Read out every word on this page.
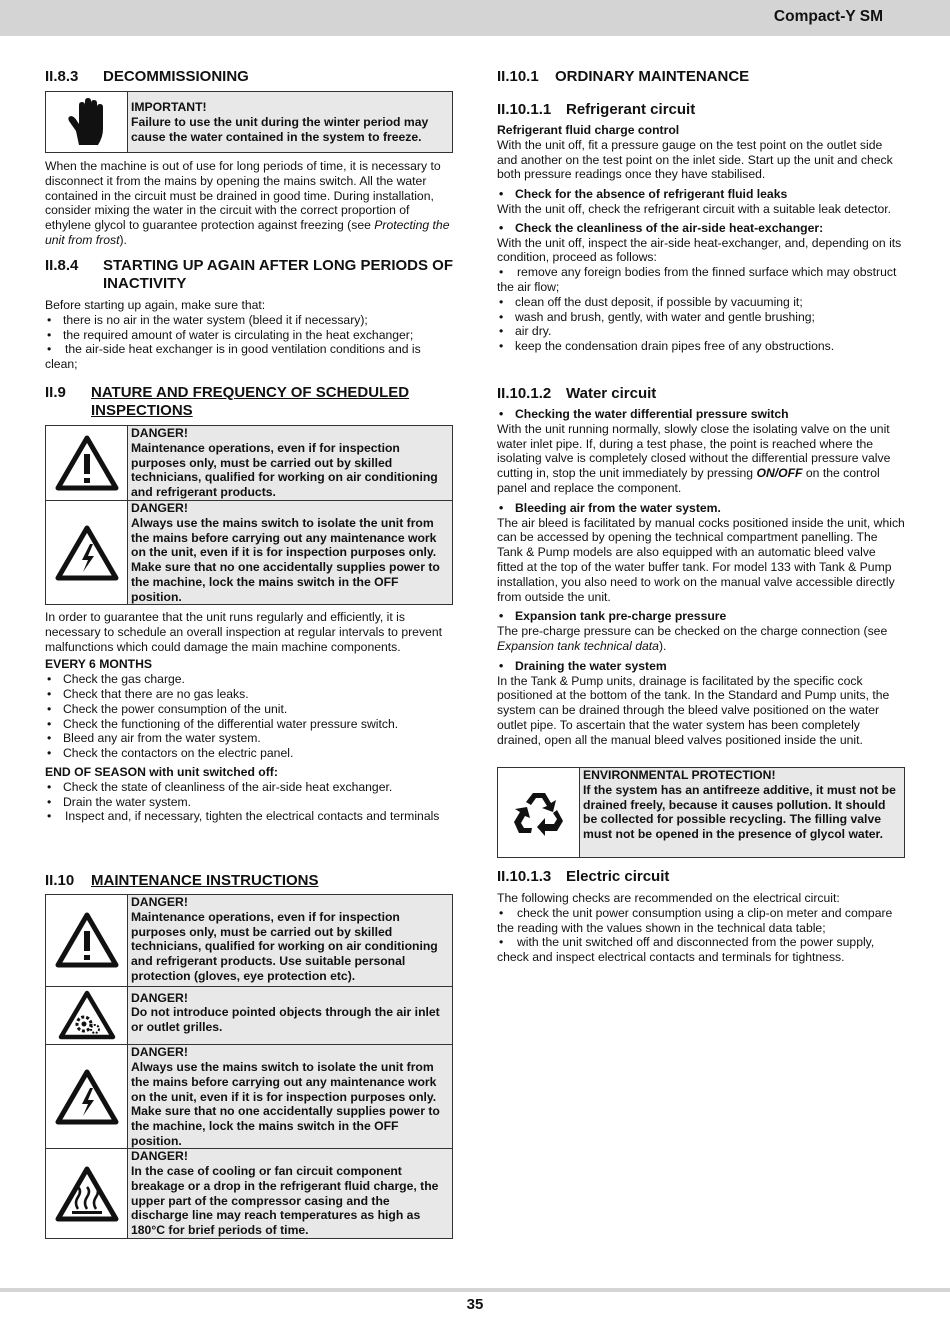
Compact-Y SM
II.8.3	DECOMMISSIONING
IMPORTANT!
Failure to use the unit during the winter period may cause the water contained in the system to freeze.

When the machine is out of use for long periods of time, it is necessary to disconnect it from the mains by opening the mains switch. All the water contained in the circuit must be drained in good time. During installation, consider mixing the water in the circuit with the correct proportion of ethylene glycol to guarantee protection against freezing (see Protecting the unit from frost).

II.8.4	STARTING UP AGAIN AFTER LONG PERIODS OF INACTIVITY

Before starting up again, make sure that:

• there is no air in the water system (bleed it if necessary);
• the required amount of water is circulating in the heat exchanger;
• the air-side heat exchanger is in good ventilation conditions and is clean;
II.9	NATURE AND FREQUENCY OF SCHEDULED INSPECTIONS
DANGER!
Maintenance operations, even if for inspection purposes only, must be carried out by skilled technicians, qualified for working on air conditioning and refrigerant products.
DANGER!
Always use the mains switch to isolate the unit from the mains before carrying out any maintenance work on the unit, even if it is for inspection purposes only. Make sure that no one accidentally supplies power to the machine, lock the mains switch in the OFF position.

In order to guarantee that the unit runs regularly and efficiently, it is necessary to schedule an overall inspection at regular intervals to prevent malfunctions which could damage the main machine components.

EVERY 6 MONTHS

• Check the gas charge.
• Check that there are no gas leaks.
• Check the power consumption of the unit.
• Check the functioning of the differential water pressure switch.
• Bleed any air from the water system.
• Check the contactors on the electric panel.

END OF SEASON with unit switched off:

• Check the state of cleanliness of the air-side heat exchanger.
• Drain the water system.
• Inspect and, if necessary, tighten the electrical contacts and terminals
II.10	MAINTENANCE INSTRUCTIONS
DANGER!
Maintenance operations, even if for inspection purposes only, must be carried out by skilled technicians, qualified for working on air conditioning and refrigerant products. Use suitable personal protection (gloves, eye protection etc).
DANGER!
Do not introduce pointed objects through the air inlet or outlet grilles.
DANGER!
Always use the mains switch to isolate the unit from the mains before carrying out any maintenance work on the unit, even if it is for inspection purposes only. Make sure that no one accidentally supplies power to the machine, lock the mains switch in the OFF position.
DANGER!
In the case of cooling or fan circuit component breakage or a drop in the refrigerant fluid charge, the upper part of the compressor casing and the discharge line may reach temperatures as high as 180°C for brief periods of time.
II.10.1	ORDINARY MAINTENANCE
II.10.1.1 Refrigerant circuit

Refrigerant fluid charge control

With the unit off, fit a pressure gauge on the test point on the outlet side and another on the test point on the inlet side. Start up the unit and check both pressure readings once they have stabilised.

• Check for the absence of refrigerant fluid leaks

With the unit off, check the refrigerant circuit with a suitable leak detector.

• Check the cleanliness of the air-side heat-exchanger:

With the unit off, inspect the air-side heat-exchanger, and, depending on its condition, proceed as follows:

• remove any foreign bodies from the finned surface which may obstruct the air flow;
• clean off the dust deposit, if possible by vacuuming it;
• wash and brush, gently, with water and gentle brushing;
• air dry.
• keep the condensation drain pipes free of any obstructions.
II.10.1.2 Water circuit
• Checking the water differential pressure switch

With the unit running normally, slowly close the isolating valve on the unit water inlet pipe. If, during a test phase, the point is reached where the isolating valve is completely closed without the differential pressure valve cutting in, stop the unit immediately by pressing ON/OFF on the control panel and replace the component.

• Bleeding air from the water system.

The air bleed is facilitated by manual cocks positioned inside the unit, which can be accessed by opening the technical compartment panelling. The Tank & Pump models are also equipped with an automatic bleed valve fitted at the top of the water buffer tank. For model 133 with Tank & Pump installation, you also need to work on the manual valve accessible directly from outside the unit.

• Expansion tank pre-charge pressure

The pre-charge pressure can be checked on the charge connection (see Expansion tank technical data).

• Draining the water system

In the Tank & Pump units, drainage is facilitated by the specific cock positioned at the bottom of the tank. In the Standard and Pump units, the system can be drained through the bleed valve positioned on the water outlet pipe. To ascertain that the water system has been completely drained, open all the manual bleed valves positioned inside the unit.

ENVIRONMENTAL PROTECTION!
If the system has an antifreeze additive, it must not be drained freely, because it causes pollution. It should be collected for possible recycling. The filling valve must not be opened in the presence of glycol water.
II.10.1.3 Electric circuit

The following checks are recommended on the electrical circuit:

• check the unit power consumption using a clip-on meter and compare the reading with the values shown in the technical data table;
• with the unit switched off and disconnected from the power supply, check and inspect electrical contacts and terminals for tightness.
35
